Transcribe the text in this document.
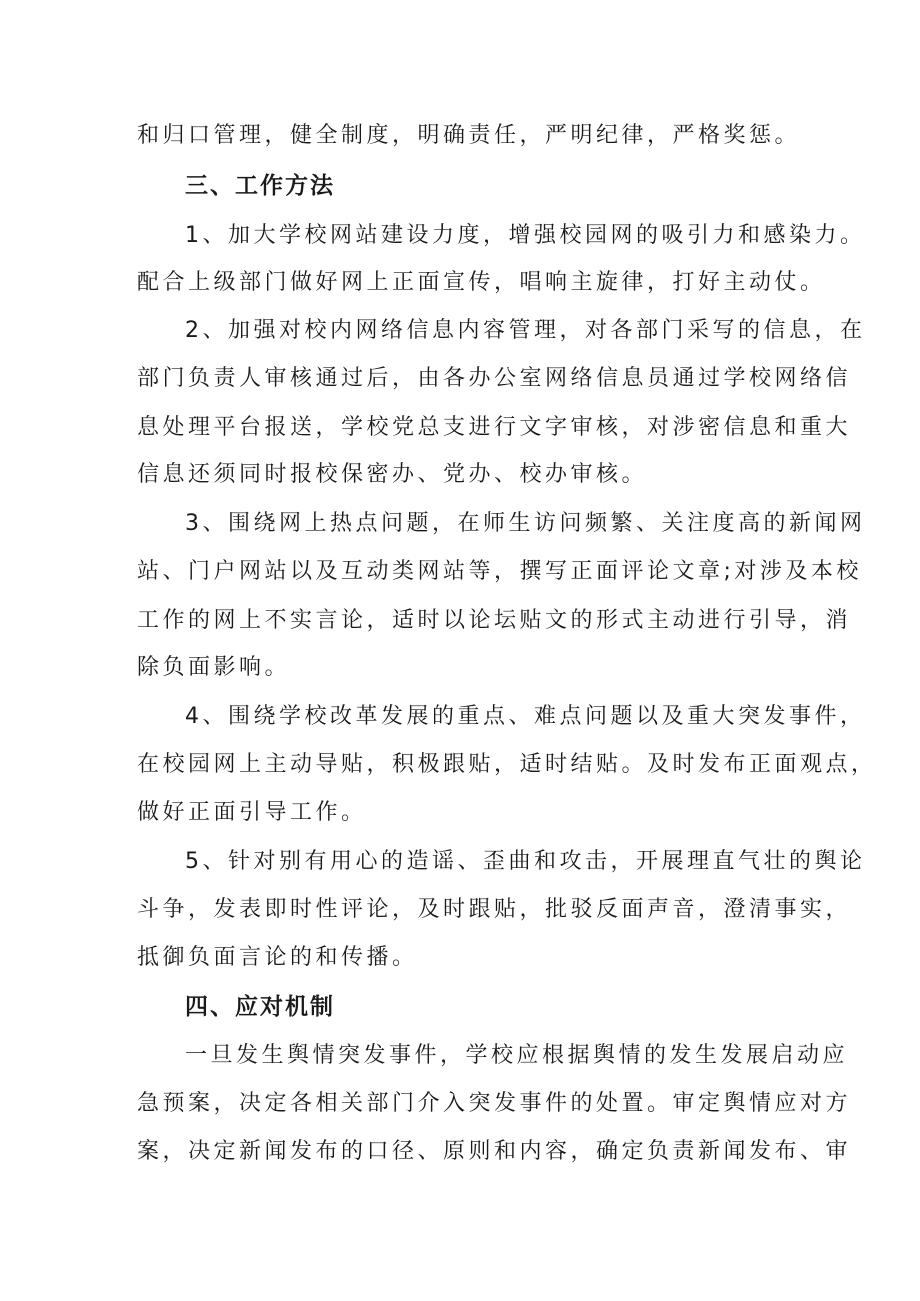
和归口管理，健全制度，明确责任，严明纪律，严格奖惩。
三、工作方法
1、加大学校网站建设力度，增强校园网的吸引力和感染力。
配合上级部门做好网上正面宣传，唱响主旋律，打好主动仗。
2、加强对校内网络信息内容管理，对各部门采写的信息，在
部门负责人审核通过后，由各办公室网络信息员通过学校网络信
息处理平台报送，学校党总支进行文字审核，对涉密信息和重大
信息还须同时报校保密办、党办、校办审核。
3、围绕网上热点问题，在师生访问频繁、关注度高的新闻网
站、门户网站以及互动类网站等，撰写正面评论文章;对涉及本校
工作的网上不实言论，适时以论坛贴文的形式主动进行引导，消
除负面影响。
4、围绕学校改革发展的重点、难点问题以及重大突发事件，
在校园网上主动导贴，积极跟贴，适时结贴。及时发布正面观点，
做好正面引导工作。
5、针对别有用心的造谣、歪曲和攻击，开展理直气壮的舆论
斗争，发表即时性评论，及时跟贴，批驳反面声音，澄清事实，
抵御负面言论的和传播。
四、应对机制
一旦发生舆情突发事件，学校应根据舆情的发生发展启动应
急预案，决定各相关部门介入突发事件的处置。审定舆情应对方
案，决定新闻发布的口径、原则和内容，确定负责新闻发布、审
